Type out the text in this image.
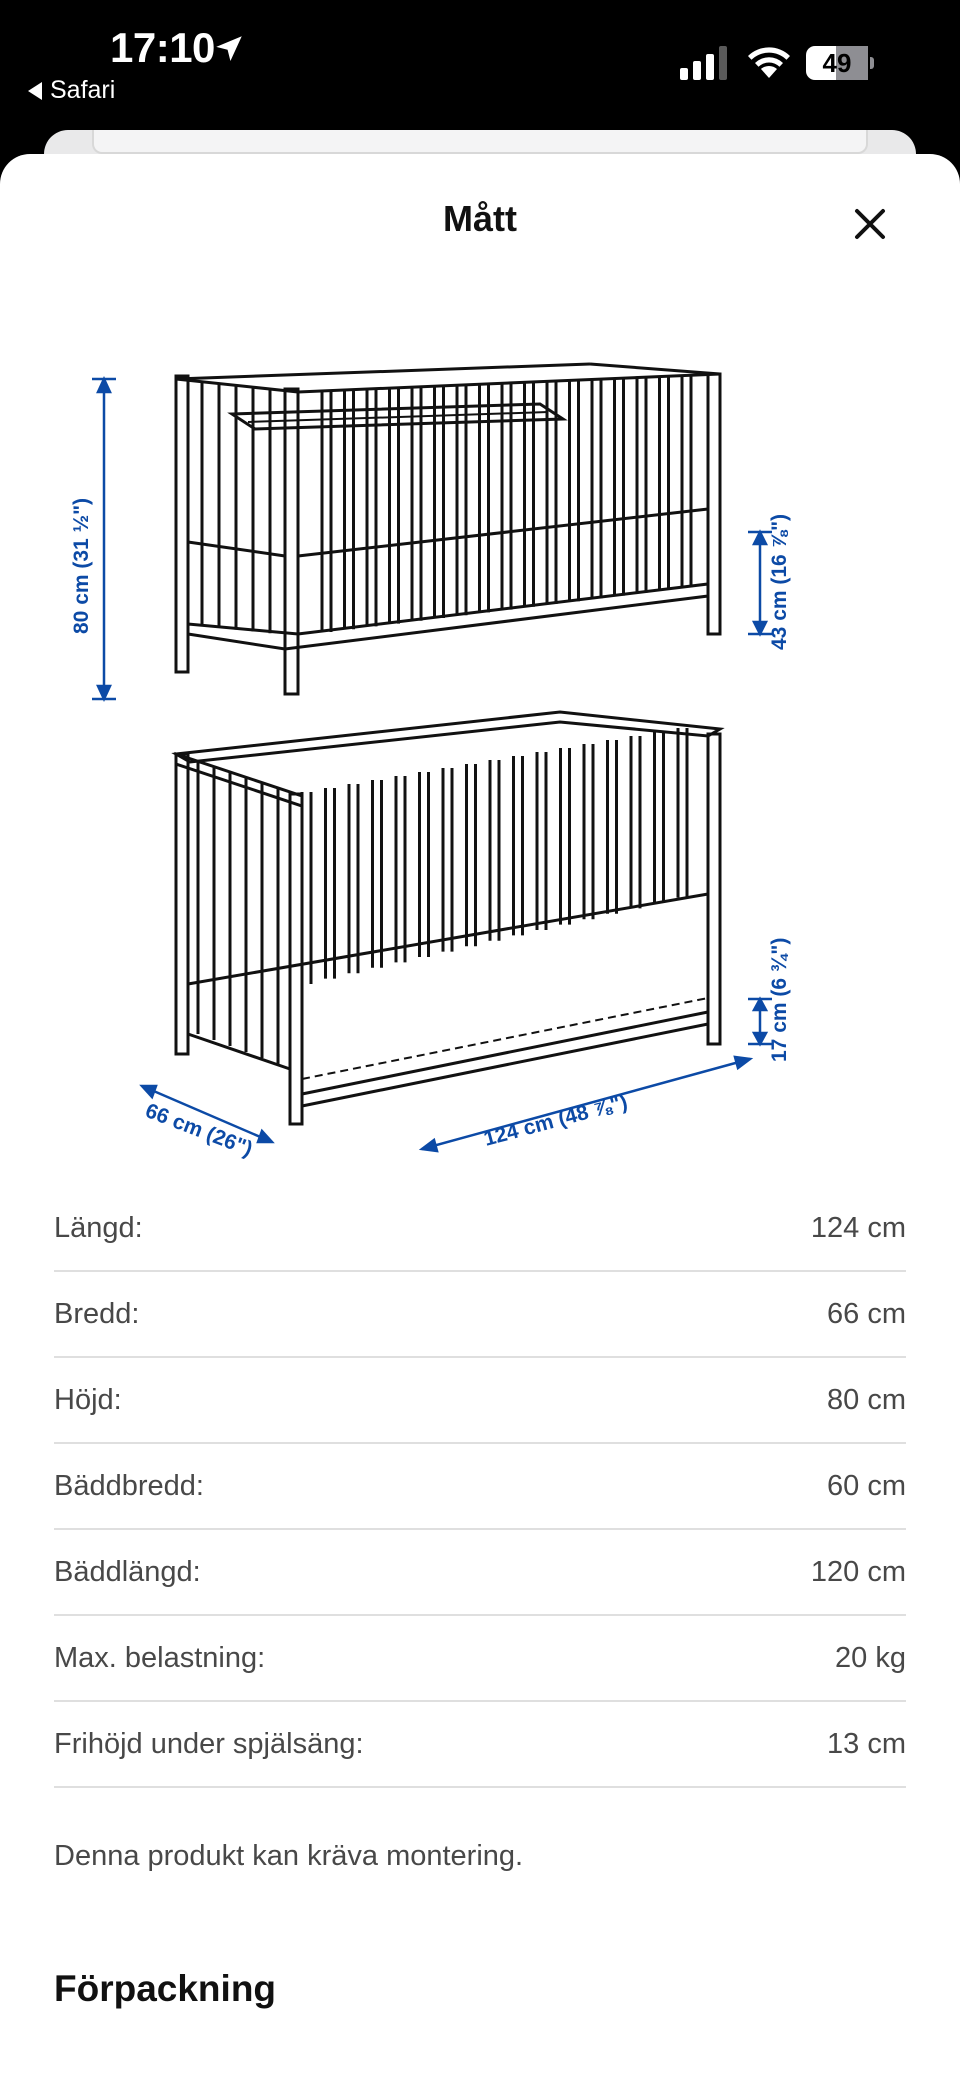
17:10
Safari
49
Mått
80 cm (31 ½")	43 cm (16 ⅞")
17 cm (6 ¾")
66 cm (26")	124 cm (48 ⅞")
Längd:	124 cm
Bredd:	66 cm
Höjd:	80 cm
Bäddbredd:	60 cm
Bäddlängd:	120 cm
Max. belastning:	20 kg
Frihöjd under spjälsäng:	13 cm
Denna produkt kan kräva montering.
Förpackning
